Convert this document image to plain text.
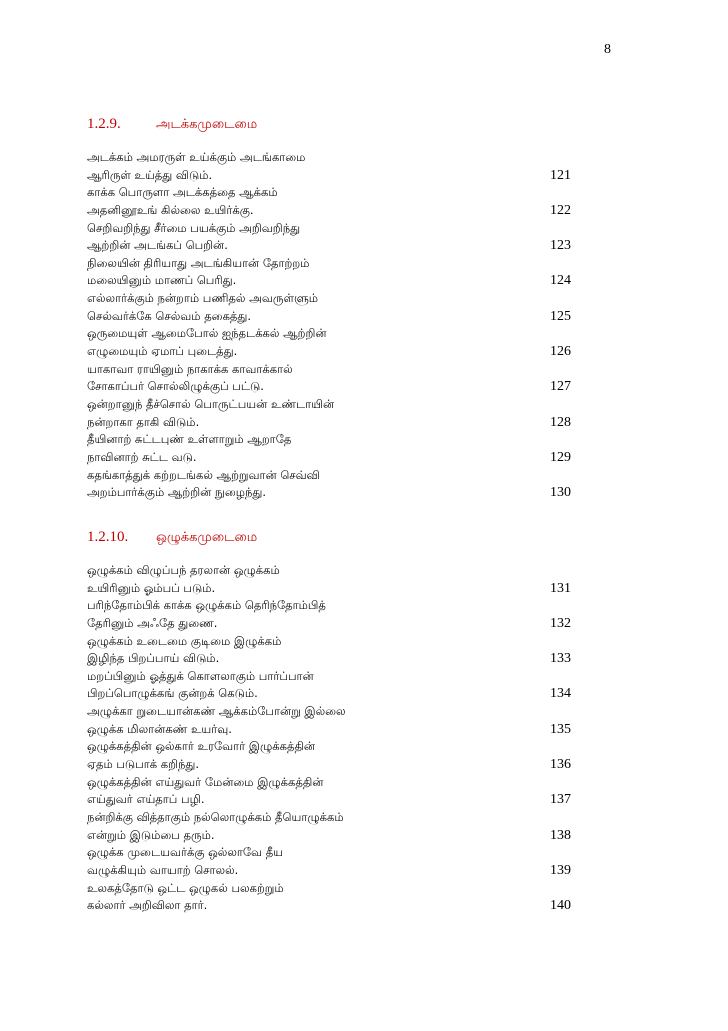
8
1.2.9.	அடக்கமுடைமை
அடக்கம் அமரருள் உய்க்கும் அடங்காமை
ஆரிருள் உய்த்து விடும்.	121
காக்க பொருளா அடக்கத்தை ஆக்கம்
அதனினூஉங் கில்லை உயிர்க்கு.	122
செறிவறிந்து சீர்மை பயக்கும் அறிவறிந்து
ஆற்றின் அடங்கப் பெறின்.	123
நிலையின் திரியாது அடங்கியான் தோற்றம்
மலையினும் மாணப் பெரிது.	124
எல்லார்க்கும் நன்றாம் பணிதல் அவருள்ளும்
செல்வர்க்கே செல்வம் தகைத்து.	125
ஒருமையுள் ஆமைபோல் ஐந்தடக்கல் ஆற்றின்
எழுமையும் ஏமாப் புடைத்து.	126
யாகாவா ராயினும் நாகாக்க காவாக்கால்
சோகாப்பர் சொல்லிழுக்குப் பட்டு.	127
ஒன்றானுந் தீச்சொல் பொருட்பயன் உண்டாயின்
நன்றாகா தாகி விடும்.	128
தீயினாற் சுட்டபுண் உள்ளாறும் ஆறாதே
நாவினாற் சுட்ட வடு.	129
கதங்காத்துக் கற்றடங்கல் ஆற்றுவான் செவ்வி
அறம்பார்க்கும் ஆற்றின் நுழைந்து.	130
1.2.10. ஒழுக்கமுடைமை
ஒழுக்கம் விழுப்பந் தரலான் ஒழுக்கம்
உயிரினும் ஓம்பப் படும்.	131
பரிந்தோம்பிக் காக்க ஒழுக்கம் தெரிந்தோம்பித்
தேரினும் அஃதே துணை.	132
ஒழுக்கம் உடைமை குடிமை இழுக்கம்
இழிந்த பிறப்பாய் விடும்.	133
மறப்பினும் ஓத்துக் கொளலாகும் பார்ப்பான்
பிறப்பொழுக்கங் குன்றக் கெடும்.	134
அழுக்கா றுடையான்கண் ஆக்கம்போன்று இல்லை
ஒழுக்க மிலான்கண் உயர்வு.	135
ஒழுக்கத்தின் ஒல்கார் உரவோர் இழுக்கத்தின்
ஏதம் படுபாக் கறிந்து.	136
ஒழுக்கத்தின் எய்துவர் மேன்மை இழுக்கத்தின்
எய்துவர் எய்தாப் பழி.	137
நன்றிக்கு வித்தாகும் நல்லொழுக்கம் தீயொழுக்கம்
என்றும் இடும்பை தரும்.	138
ஒழுக்க முடையவர்க்கு ஒல்லாவே தீய
வழுக்கியும் வாயாற் சொலல்.	139
உலகத்தோடு ஒட்ட ஒழுகல் பலகற்றும்
கல்லார் அறிவிலா தார்.	140
